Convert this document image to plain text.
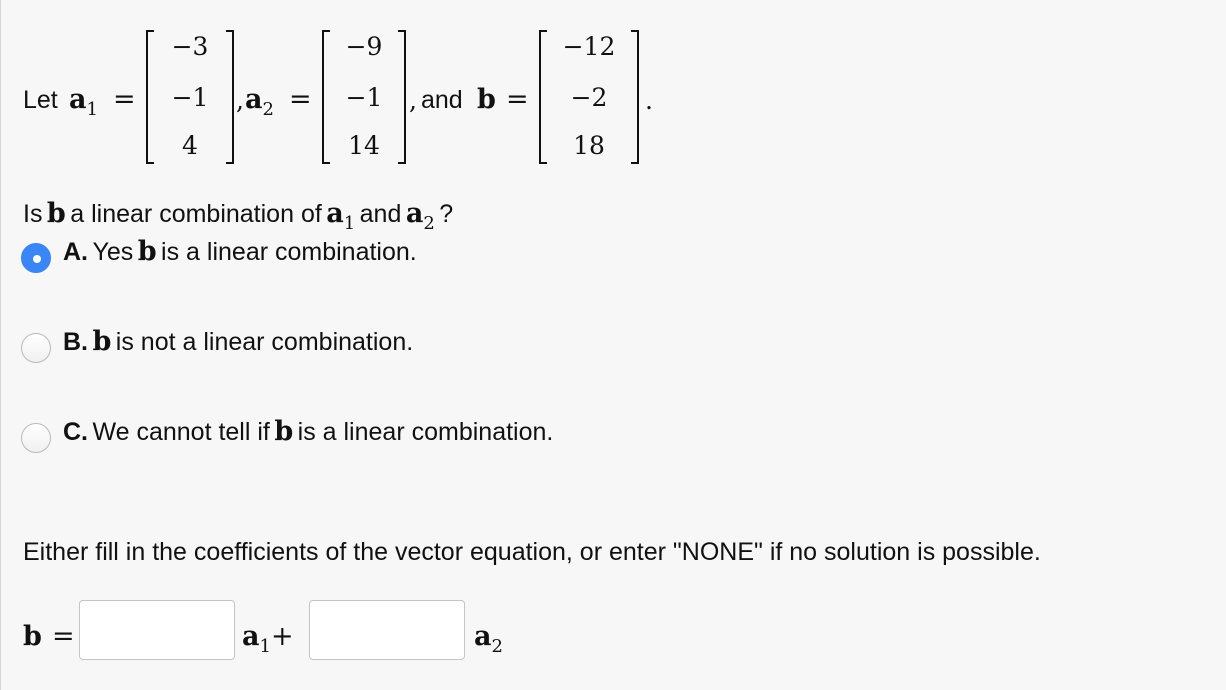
Let a1 =
−3
−1
4
, a2 =
−9
−1
14
, and b =
−12
−2
18
.
Is b a linear combination of a1 and a2 ?
A. Yes b is a linear combination.
B. b is not a linear combination.
C. We cannot tell if b is a linear combination.
Either fill in the coefficients of the vector equation, or enter "NONE" if no solution is possible.
b =	a1+	a2
